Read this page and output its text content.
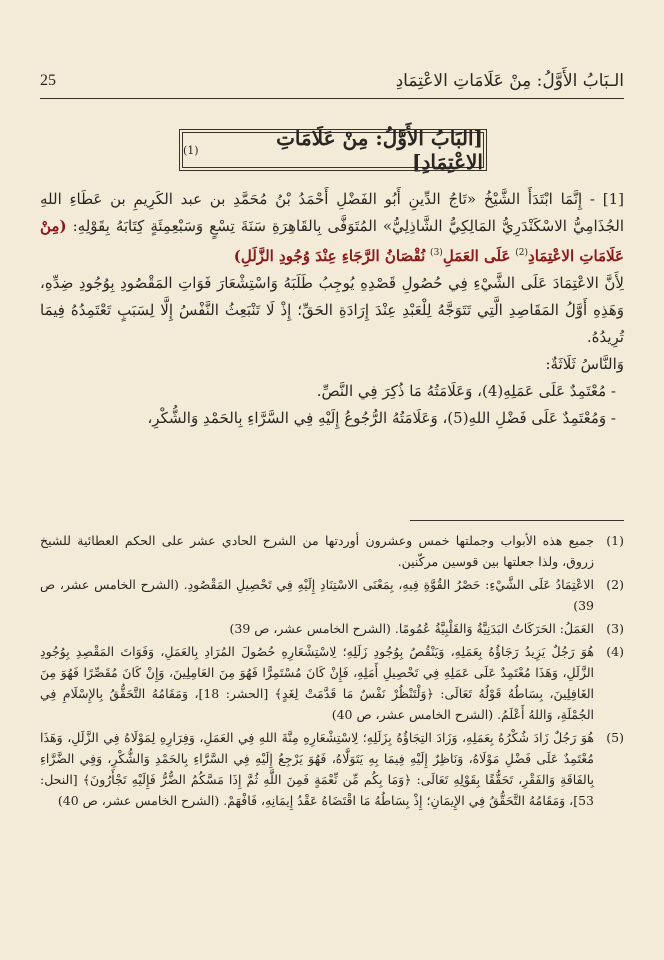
الـبَابُ الأَوَّلُ: مِنْ عَلَامَاتِ الاعْتِمَادِ
25
[البَابُ الأَوَّلُ: مِنْ عَلَامَاتِ الاعْتِمَادِ]
(1)

[1] - إِنَّمَا ابْتَدَأَ الشَّيْخُ «تَاجُ الدِّينِ أَبُو الفَضْلِ أَحْمَدُ بْنُ مُحَمَّدِ بن عبد الكَرِيمِ بن عَطَاءِ اللهِ الجُذَامِيُّ الاسْكَنْدَرِيُّ المَالِكِيُّ الشَّاذِلِيُّ» المُتَوَفَّى بِالقَاهِرَةِ سَنَةَ تِسْعٍ وَسَبْعِمِئَةٍ كِتَابَهُ بِقَوْلِهِ: (مِنْ عَلَامَاتِ الاعْتِمَادِ$^{(2)}$ عَلَى العَمَلِ$^{(3)}$ نُقْصَانُ الرَّجَاءِ عِنْدَ وُجُودِ الزَّلَلِ)

لِأَنَّ الاعْتِمَادَ عَلَى الشَّيْءِ فِي حُصُولِ قَصْدِهِ يُوجِبُ طَلَبَهُ وَاسْتِشْعَارَ فَوَاتِ المَقْصُودِ بِوُجُودِ ضِدِّهِ، وَهَذِهِ أَوَّلُ المَقَاصِدِ الَّتِي تَتَوَجَّهُ لِلْعَبْدِ عِنْدَ إِرَادَةِ الحَقِّ؛ إِذْ لَا تَنْبَعِثُ النَّفْسُ إِلَّا لِسَبَبٍ تَعْتَمِدُهُ فِيمَا تُرِيدُهُ.

وَالنَّاسُ ثَلَاثَةٌ:

- مُعْتَمِدٌ عَلَى عَمَلِهِ(4)، وَعَلَامَتُهُ مَا ذُكِرَ فِي النَّصِّ.

- وَمُعْتَمِدٌ عَلَى فَضْلِ اللهِ(5)، وَعَلَامَتُهُ الرُّجُوعُ إِلَيْهِ فِي السَّرَّاءِ بِالحَمْدِ وَالشُّكْرِ،

(1)
جميع هذه الأبواب وجملتها خمس وعشرون أوردتها من الشرح الحادي عشر على الحكم العطائية للشيخ زروق، ولذا جعلتها بين قوسين مركّنين.
(2)
الاعْتِمَادُ عَلَى الشَّيْءِ: حَصْرُ القُوَّةِ فِيهِ، بِمَعْنَى الاسْتِنَادِ إِلَيْهِ فِي تَحْصِيلِ المَقْصُودِ. (الشرح الخامس عشر، ص 39)
(3)
العَمَلُ: الحَرَكَاتُ البَدَنِيَّةُ وَالقَلْبِيَّةُ عُمُومًا. (الشرح الخامس عشر، ص 39)
(4)
هُوَ رَجُلٌ يَزِيدُ رَجَاؤُهُ بِعَمَلِهِ، وَيَنْقُصُ بِوُجُودِ زَلَلِهِ؛ لِاسْتِشْعَارِهِ حُصُولَ المُرَادِ بِالعَمَلِ، وَفَوَاتَ المَقْصِدِ بِوُجُودِ الزَّلَلِ، وَهَذَا مُعْتَمِدٌ عَلَى عَمَلِهِ فِي تَحْصِيلِ أَمَلِهِ، فَإِنْ كَانَ مُسْتَمِرًّا فَهُوَ مِنَ العَامِلِينَ، وَإِنْ كَانَ مُقَصِّرًا فَهُوَ مِنَ الغَافِلِينَ، بِسَاطُهُ قَوْلُهُ تَعَالَى: ﴿وَلْتَنْظُرْ نَفْسٌ مَا قَدَّمَتْ لِغَدٍ﴾ [الحشر: 18]، وَمَقَامُهُ التَّحَقُّقُ بِالإِسْلَامِ فِي الجُمْلَةِ، وَاللهُ أَعْلَمُ. (الشرح الخامس عشر، ص 40)
(5)
هُوَ رَجُلٌ زَادَ شُكْرُهُ بِعَمَلِهِ، وَزَادَ التِجَاؤُهُ بِزَلَلِهِ؛ لِاسْتِشْعَارِهِ مِنَّةَ اللهِ فِي العَمَلِ، وَفِرَارِهِ لِمَوْلَاهُ فِي الزَّلَلِ، وَهَذَا مُعْتَمِدٌ عَلَى فَضْلِ مَوْلَاهُ، وَنَاظِرٌ إِلَيْهِ فِيمَا بِهِ يَتَوَلَّاهُ، فَهُوَ يَرْجِعُ إِلَيْهِ فِي السَّرَّاءِ بِالحَمْدِ وَالشُّكْرِ، وَفِي الضَّرَّاءِ بِالفَاقَةِ وَالفَقْرِ، تَحَقُّقًا بِقَوْلِهِ تَعَالَى: ﴿وَمَا بِكُم مِّن نِّعْمَةٍ فَمِنَ اللَّهِ ثُمَّ إِذَا مَسَّكُمُ الضُّرُّ فَإِلَيْهِ تَجْأَرُونَ﴾ [النحل: 53]، وَمَقَامُهُ التَّحَقُّقُ فِي الإِيمَانِ؛ إِذْ بِسَاطُهُ مَا اقْتَضَاهُ عَقْدُ إِيمَانِهِ، فَافْهَمْ. (الشرح الخامس عشر، ص 40)
